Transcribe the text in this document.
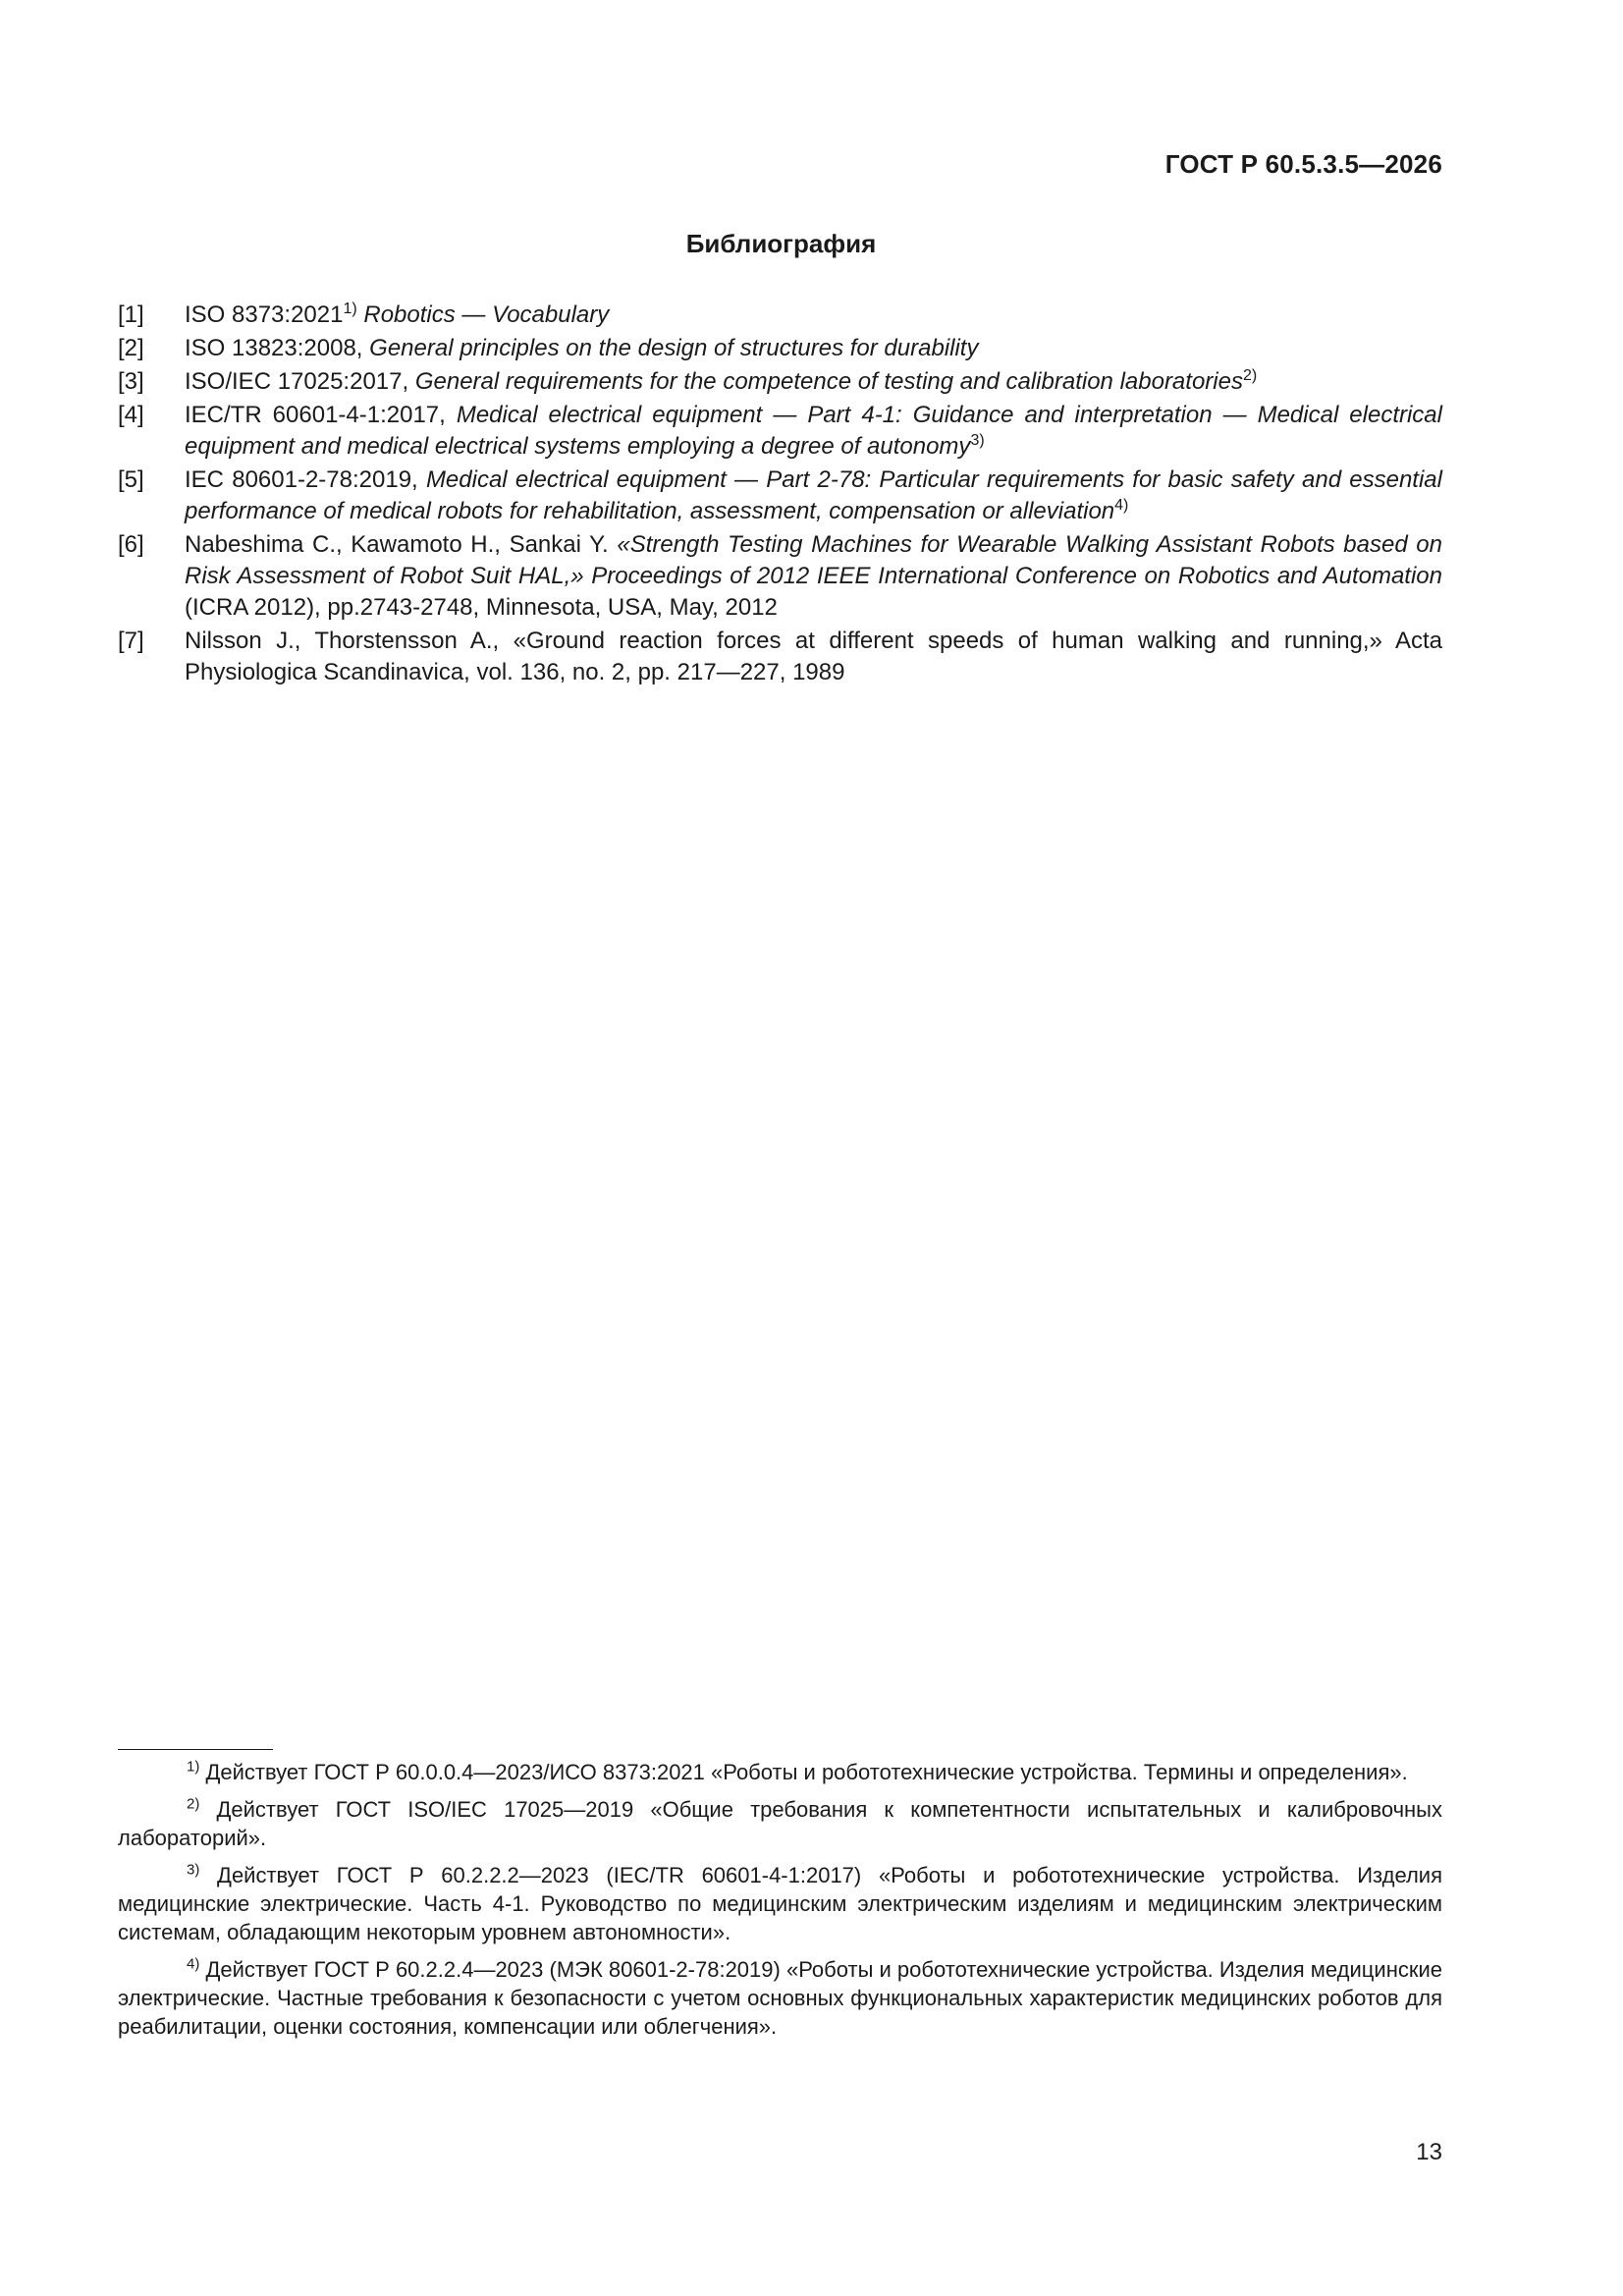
ГОСТ Р 60.5.3.5—2026
Библиография
[1]	ISO 8373:2021$^{1)}$ Robotics — Vocabulary
[2]	ISO 13823:2008, General principles on the design of structures for durability
[3]	ISO/IEC 17025:2017, General requirements for the competence of testing and calibration laboratories$^{2)}$
[4]	IEC/TR 60601-4-1:2017, Medical electrical equipment — Part 4-1: Guidance and interpretation — Medical electrical equipment and medical electrical systems employing a degree of autonomy$^{3)}$
[5]	IEC 80601-2-78:2019, Medical electrical equipment — Part 2-78: Particular requirements for basic safety and essential performance of medical robots for rehabilitation, assessment, compensation or alleviation$^{4)}$
[6]	Nabeshima C., Kawamoto H., Sankai Y. «Strength Testing Machines for Wearable Walking Assistant Robots based on Risk Assessment of Robot Suit HAL,» Proceedings of 2012 IEEE International Conference on Robotics and Automation (ICRA 2012), pp.2743-2748, Minnesota, USA, May, 2012
[7]	Nilsson J., Thorstensson A., «Ground reaction forces at different speeds of human walking and running,» Acta Physiologica Scandinavica, vol. 136, no. 2, pp. 217—227, 1989

$^{1)}$ Действует ГОСТ Р 60.0.0.4—2023/ИСО 8373:2021 «Роботы и робототехнические устройства. Термины и определения».

$^{2)}$ Действует ГОСТ ISO/IEC 17025—2019 «Общие требования к компетентности испытательных и калибровочных лабораторий».

$^{3)}$ Действует ГОСТ Р 60.2.2.2—2023 (IEC/TR 60601-4-1:2017) «Роботы и робототехнические устройства. Изделия медицинские электрические. Часть 4-1. Руководство по медицинским электрическим изделиям и медицинским электрическим системам, обладающим некоторым уровнем автономности».

$^{4)}$ Действует ГОСТ Р 60.2.2.4—2023 (МЭК 80601-2-78:2019) «Роботы и робототехнические устройства. Изделия медицинские электрические. Частные требования к безопасности с учетом основных функциональных характеристик медицинских роботов для реабилитации, оценки состояния, компенсации или облегчения».

13
